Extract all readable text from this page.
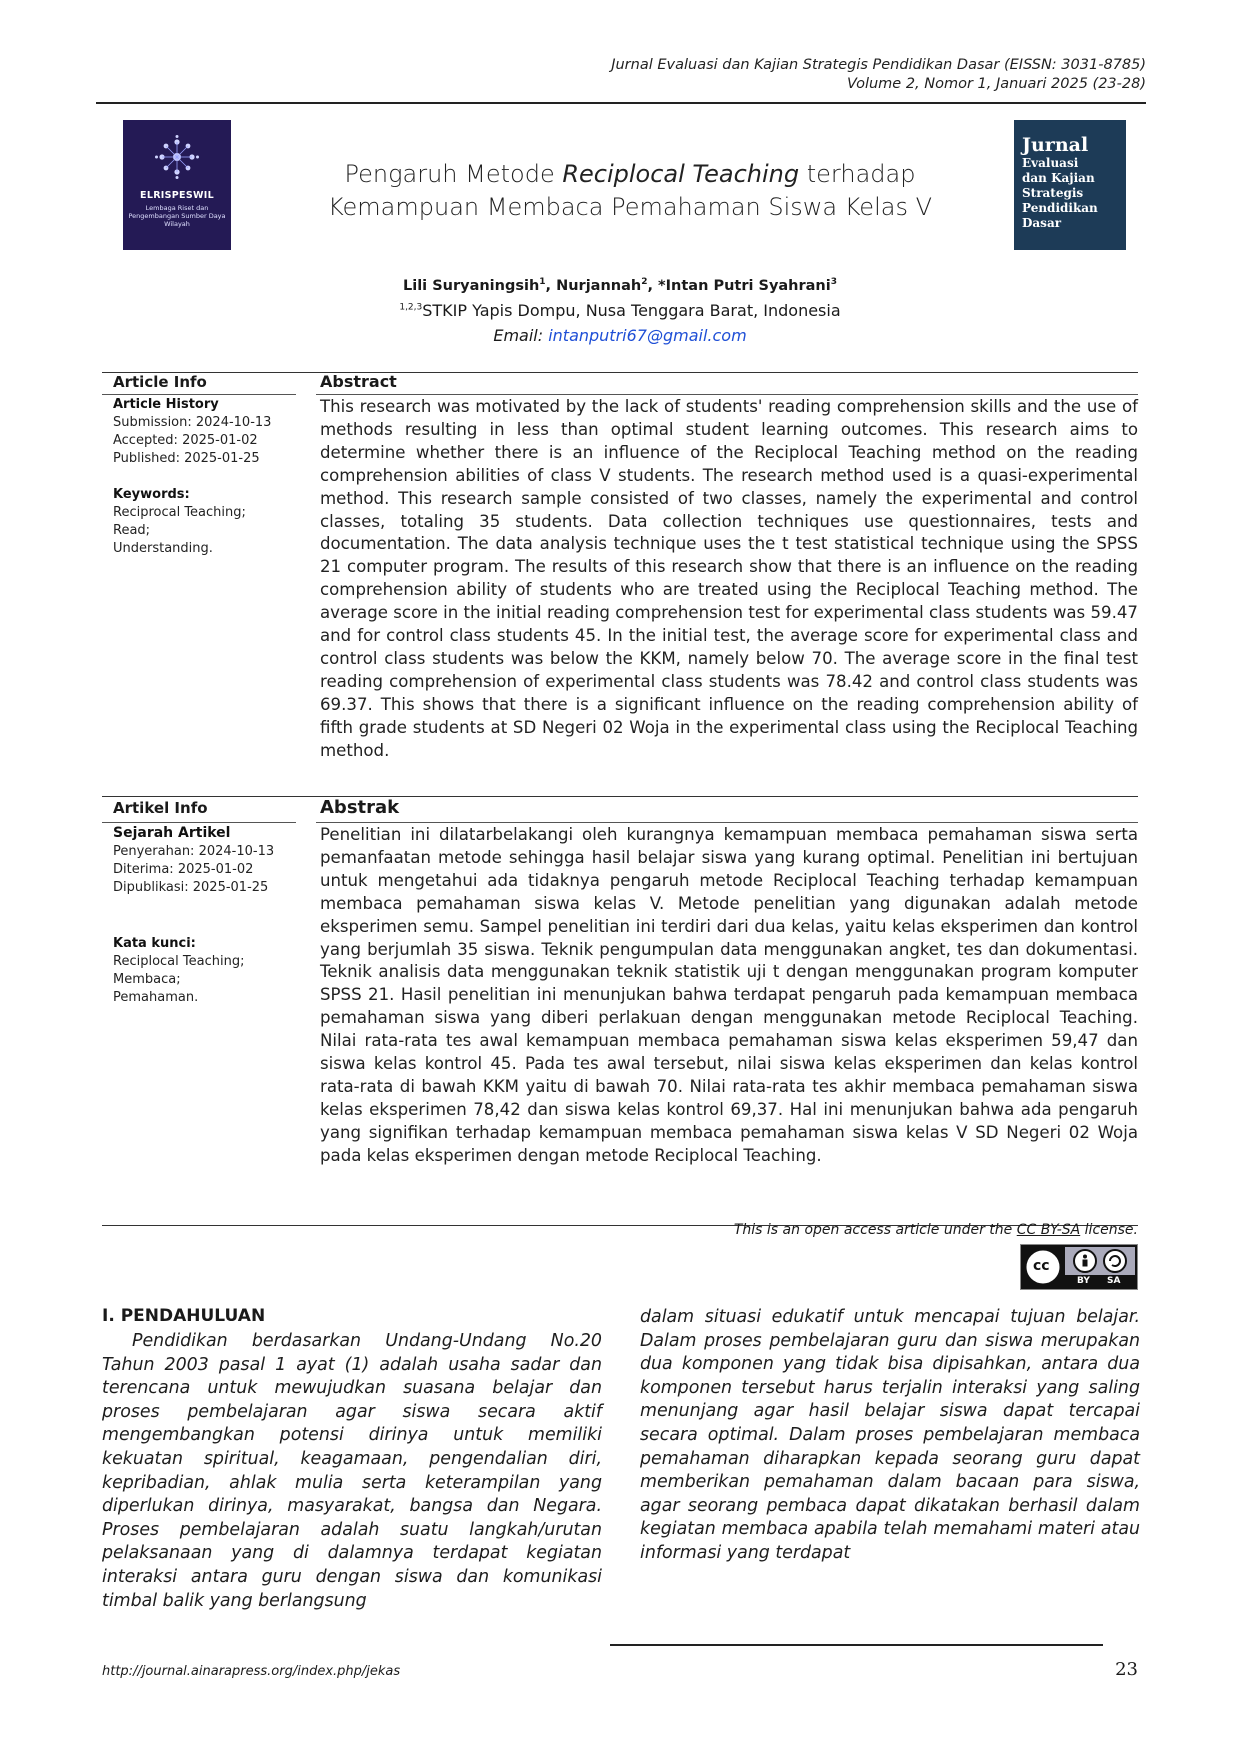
Jurnal Evaluasi dan Kajian Strategis Pendidikan Dasar (EISSN: 3031-8785)
Volume 2, Nomor 1, Januari 2025 (23-28)
ELRISPESWIL
Lembaga Riset dan Pengembangan Sumber Daya Wilayah
Jurnal
Evaluasi
dan Kajian
Strategis
Pendidikan
Dasar
Pengaruh Metode Reciplocal Teaching terhadap
Kemampuan Membaca Pemahaman Siswa Kelas V
Lili Suryaningsih$^1$, Nurjannah$^2$, *Intan Putri Syahrani$^3$
$^{1,2,3}$STKIP Yapis Dompu, Nusa Tenggara Barat, Indonesia
Email: intanputri67@gmail.com
Article Info	Abstract
Article History
Submission: 2024-10-13
Accepted: 2025-01-02
Published: 2025-01-25
Keywords:
Reciprocal Teaching;
Read;
Understanding.
This research was motivated by the lack of students' reading comprehension skills and the use of methods resulting in less than optimal student learning outcomes. This research aims to determine whether there is an influence of the Reciplocal Teaching method on the reading comprehension abilities of class V students. The research method used is a quasi-experimental method. This research sample consisted of two classes, namely the experimental and control classes, totaling 35 students. Data collection techniques use questionnaires, tests and documentation. The data analysis technique uses the t test statistical technique using the SPSS 21 computer program. The results of this research show that there is an influence on the reading comprehension ability of students who are treated using the Reciplocal Teaching method. The average score in the initial reading comprehension test for experimental class students was 59.47 and for control class students 45. In the initial test, the average score for experimental class and control class students was below the KKM, namely below 70. The average score in the final test reading comprehension of experimental class students was 78.42 and control class students was 69.37. This shows that there is a significant influence on the reading comprehension ability of fifth grade students at SD Negeri 02 Woja in the experimental class using the Reciplocal Teaching method.
Artikel Info	Abstrak
Sejarah Artikel
Penyerahan: 2024-10-13
Diterima: 2025-01-02
Dipublikasi: 2025-01-25
Kata kunci:
Reciplocal Teaching;
Membaca;
Pemahaman.
Penelitian ini dilatarbelakangi oleh kurangnya kemampuan membaca pemahaman siswa serta pemanfaatan metode sehingga hasil belajar siswa yang kurang optimal. Penelitian ini bertujuan untuk mengetahui ada tidaknya pengaruh metode Reciplocal Teaching terhadap kemampuan membaca pemahaman siswa kelas V. Metode penelitian yang digunakan adalah metode eksperimen semu. Sampel penelitian ini terdiri dari dua kelas, yaitu kelas eksperimen dan kontrol yang berjumlah 35 siswa. Teknik pengumpulan data menggunakan angket, tes dan dokumentasi. Teknik analisis data menggunakan teknik statistik uji t dengan menggunakan program komputer SPSS 21. Hasil penelitian ini menunjukan bahwa terdapat pengaruh pada kemampuan membaca pemahaman siswa yang diberi perlakuan dengan menggunakan metode Reciplocal Teaching. Nilai rata-rata tes awal kemampuan membaca pemahaman siswa kelas eksperimen 59,47 dan siswa kelas kontrol 45. Pada tes awal tersebut, nilai siswa kelas eksperimen dan kelas kontrol rata-rata di bawah KKM yaitu di bawah 70. Nilai rata-rata tes akhir membaca pemahaman siswa kelas eksperimen 78,42 dan siswa kelas kontrol 69,37. Hal ini menunjukan bahwa ada pengaruh yang signifikan terhadap kemampuan membaca pemahaman siswa kelas V SD Negeri 02 Woja pada kelas eksperimen dengan metode Reciplocal Teaching.
This is an open access article under the CC BY-SA license.
cc
BY SA
I. PENDAHULUAN

Pendidikan berdasarkan Undang-Undang No.20 Tahun 2003 pasal 1 ayat (1) adalah usaha sadar dan terencana untuk mewujudkan suasana belajar dan proses pembelajaran agar siswa secara aktif mengembangkan potensi dirinya untuk memiliki kekuatan spiritual, keagamaan, pengendalian diri, kepribadian, ahlak mulia serta keterampilan yang diperlukan dirinya, masyarakat, bangsa dan Negara. Proses pembelajaran adalah suatu langkah/urutan pelaksanaan yang di dalamnya terdapat kegiatan interaksi antara guru dengan siswa dan komunikasi timbal balik yang berlangsung

dalam situasi edukatif untuk mencapai tujuan belajar. Dalam proses pembelajaran guru dan siswa merupakan dua komponen yang tidak bisa dipisahkan, antara dua komponen tersebut harus terjalin interaksi yang saling menunjang agar hasil belajar siswa dapat tercapai secara optimal. Dalam proses pembelajaran membaca pemahaman diharapkan kepada seorang guru dapat memberikan pemahaman dalam bacaan para siswa, agar seorang pembaca dapat dikatakan berhasil dalam kegiatan membaca apabila telah memahami materi atau informasi yang terdapat

http://journal.ainarapress.org/index.php/jekas	23
